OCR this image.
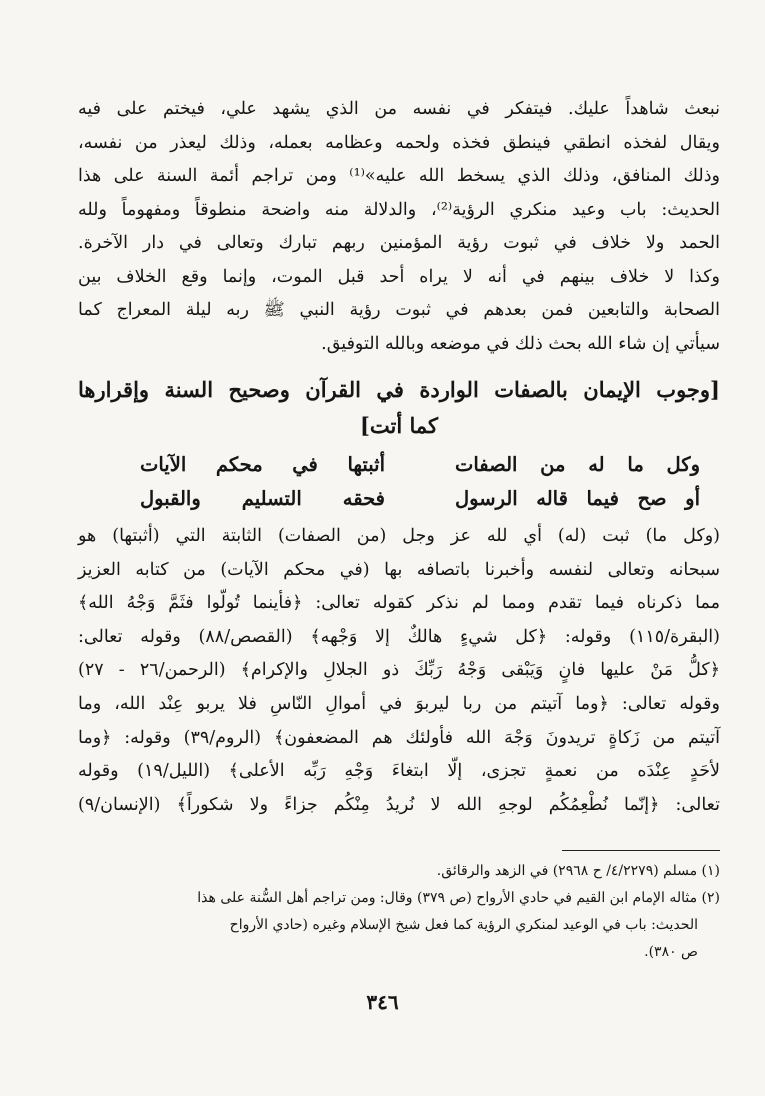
نبعث شاهداً عليك. فيتفكر في نفسه من الذي يشهد علي، فيختم على فيه
ويقال لفخذه انطقي فينطق فخذه ولحمه وعظامه بعمله، وذلك ليعذر من نفسه،
وذلك المنافق، وذلك الذي يسخط الله عليه»⁽¹⁾ ومن تراجم أئمة السنة على هذا
الحديث: باب وعيد منكري الرؤية⁽²⁾، والدلالة منه واضحة منطوقاً ومفهوماً ولله
الحمد ولا خلاف في ثبوت رؤية المؤمنين ربهم تبارك وتعالى في دار الآخرة.
وكذا لا خلاف بينهم في أنه لا يراه أحد قبل الموت، وإنما وقع الخلاف بين
الصحابة والتابعين فمن بعدهم في ثبوت رؤية النبي ﷺ ربه ليلة المعراج كما
سيأتي إن شاء الله بحث ذلك في موضعه وبالله التوفيق.
[وجوب الإيمان بالصفات الواردة في القرآن وصحيح السنة وإقرارها
كما أتت]
وكل ما له من الصفات
أثبتها في محكم الآيات
أو صح فيما قاله الرسول
فحقه التسليم والقبول
(وكل ما) ثبت (له) أي لله عز وجل (من الصفات) الثابتة التي (أثبتها) هو
سبحانه وتعالى لنفسه وأخبرنا باتصافه بها (في محكم الآيات) من كتابه العزيز
مما ذكرناه فيما تقدم ومما لم نذكر كقوله تعالى: ﴿فأينما تُولّوا فثَمَّ وَجْهُ الله﴾
(البقرة/١١٥) وقوله: ﴿كل شيءٍ هالكٌ إلا وَجْهه﴾ (القصص/٨٨) وقوله تعالى:
﴿كلُّ مَنْ عليها فانٍ وَيَبْقى وَجْهُ رَبِّكَ ذو الجلالِ والإكرام﴾ (الرحمن/٢٦ - ٢٧)
وقوله تعالى: ﴿وما آتيتم من ربا ليربوَ في أموالِ النّاسِ فلا يربو عِنْد الله، وما
آتيتم من زَكاةٍ تريدونَ وَجْهَ الله فأولئك هم المضعفون﴾ (الروم/٣٩) وقوله: ﴿وما
لأحَدٍ عِنْدَه من نعمةٍ تجزى، إلّا ابتغاءَ وَجْهِ رَبِّه الأعلى﴾ (الليل/١٩) وقوله
تعالى: ﴿إنّما نُطْعِمُكُم لوجهِ الله لا نُريدُ مِنْكُم جزاءً ولا شكوراً﴾ (الإنسان/٩)
(١) مسلم (٤/٢٢٧٩/ ح ٢٩٦٨) في الزهد والرقائق.
(٢) مثاله الإمام ابن القيم في حادي الأرواح (ص ٣٧٩) وقال: ومن تراجم أهل السُّنة على هذا
الحديث: باب في الوعيد لمنكري الرؤية كما فعل شيخ الإسلام وغيره (حادي الأرواح
ص ٣٨٠).
٣٤٦
